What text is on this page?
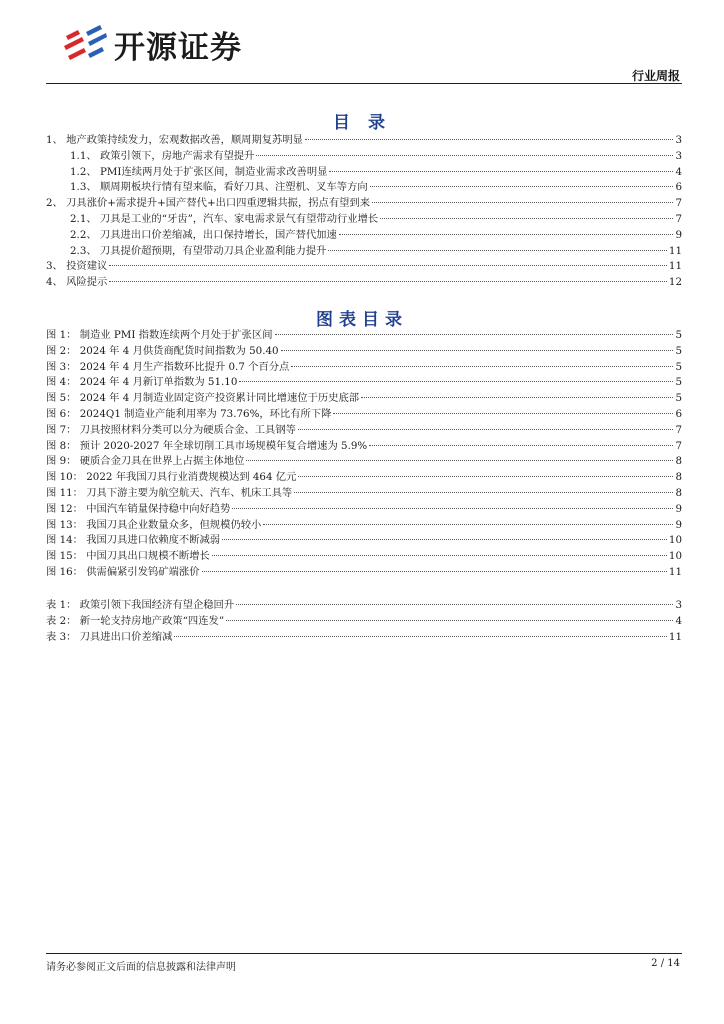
开源证券
行业周报
目 录
1、 地产政策持续发力，宏观数据改善，顺周期复苏明显	3
1.1、 政策引领下，房地产需求有望提升	3
1.2、 PMI连续两月处于扩张区间，制造业需求改善明显	4
1.3、 顺周期板块行情有望来临，看好刀具、注塑机、叉车等方向	6
2、 刀具涨价+需求提升+国产替代+出口四重逻辑共振，拐点有望到来	7
2.1、 刀具是工业的“牙齿”，汽车、家电需求景气有望带动行业增长	7
2.2、 刀具进出口价差缩减，出口保持增长，国产替代加速	9
2.3、 刀具提价超预期，有望带动刀具企业盈利能力提升	11
3、 投资建议	11
4、 风险提示	12
图表目录
图 1： 制造业 PMI 指数连续两个月处于扩张区间	5
图 2： 2024 年 4 月供货商配货时间指数为 50.40	5
图 3： 2024 年 4 月生产指数环比提升 0.7 个百分点	5
图 4： 2024 年 4 月新订单指数为 51.10	5
图 5： 2024 年 4 月制造业固定资产投资累计同比增速位于历史底部	5
图 6： 2024Q1 制造业产能利用率为 73.76%，环比有所下降	6
图 7： 刀具按照材料分类可以分为硬质合金、工具钢等	7
图 8： 预计 2020-2027 年全球切削工具市场规模年复合增速为 5.9%	7
图 9： 硬质合金刀具在世界上占据主体地位	8
图 10： 2022 年我国刀具行业消费规模达到 464 亿元	8
图 11： 刀具下游主要为航空航天、汽车、机床工具等	8
图 12： 中国汽车销量保持稳中向好趋势	9
图 13： 我国刀具企业数量众多，但规模仍较小	9
图 14： 我国刀具进口依赖度不断减弱	10
图 15： 中国刀具出口规模不断增长	10
图 16： 供需偏紧引发钨矿端涨价	11
表 1： 政策引领下我国经济有望企稳回升	3
表 2： 新一轮支持房地产政策“四连发”	4
表 3： 刀具进出口价差缩减	11
请务必参阅正文后面的信息披露和法律声明	2 / 14
